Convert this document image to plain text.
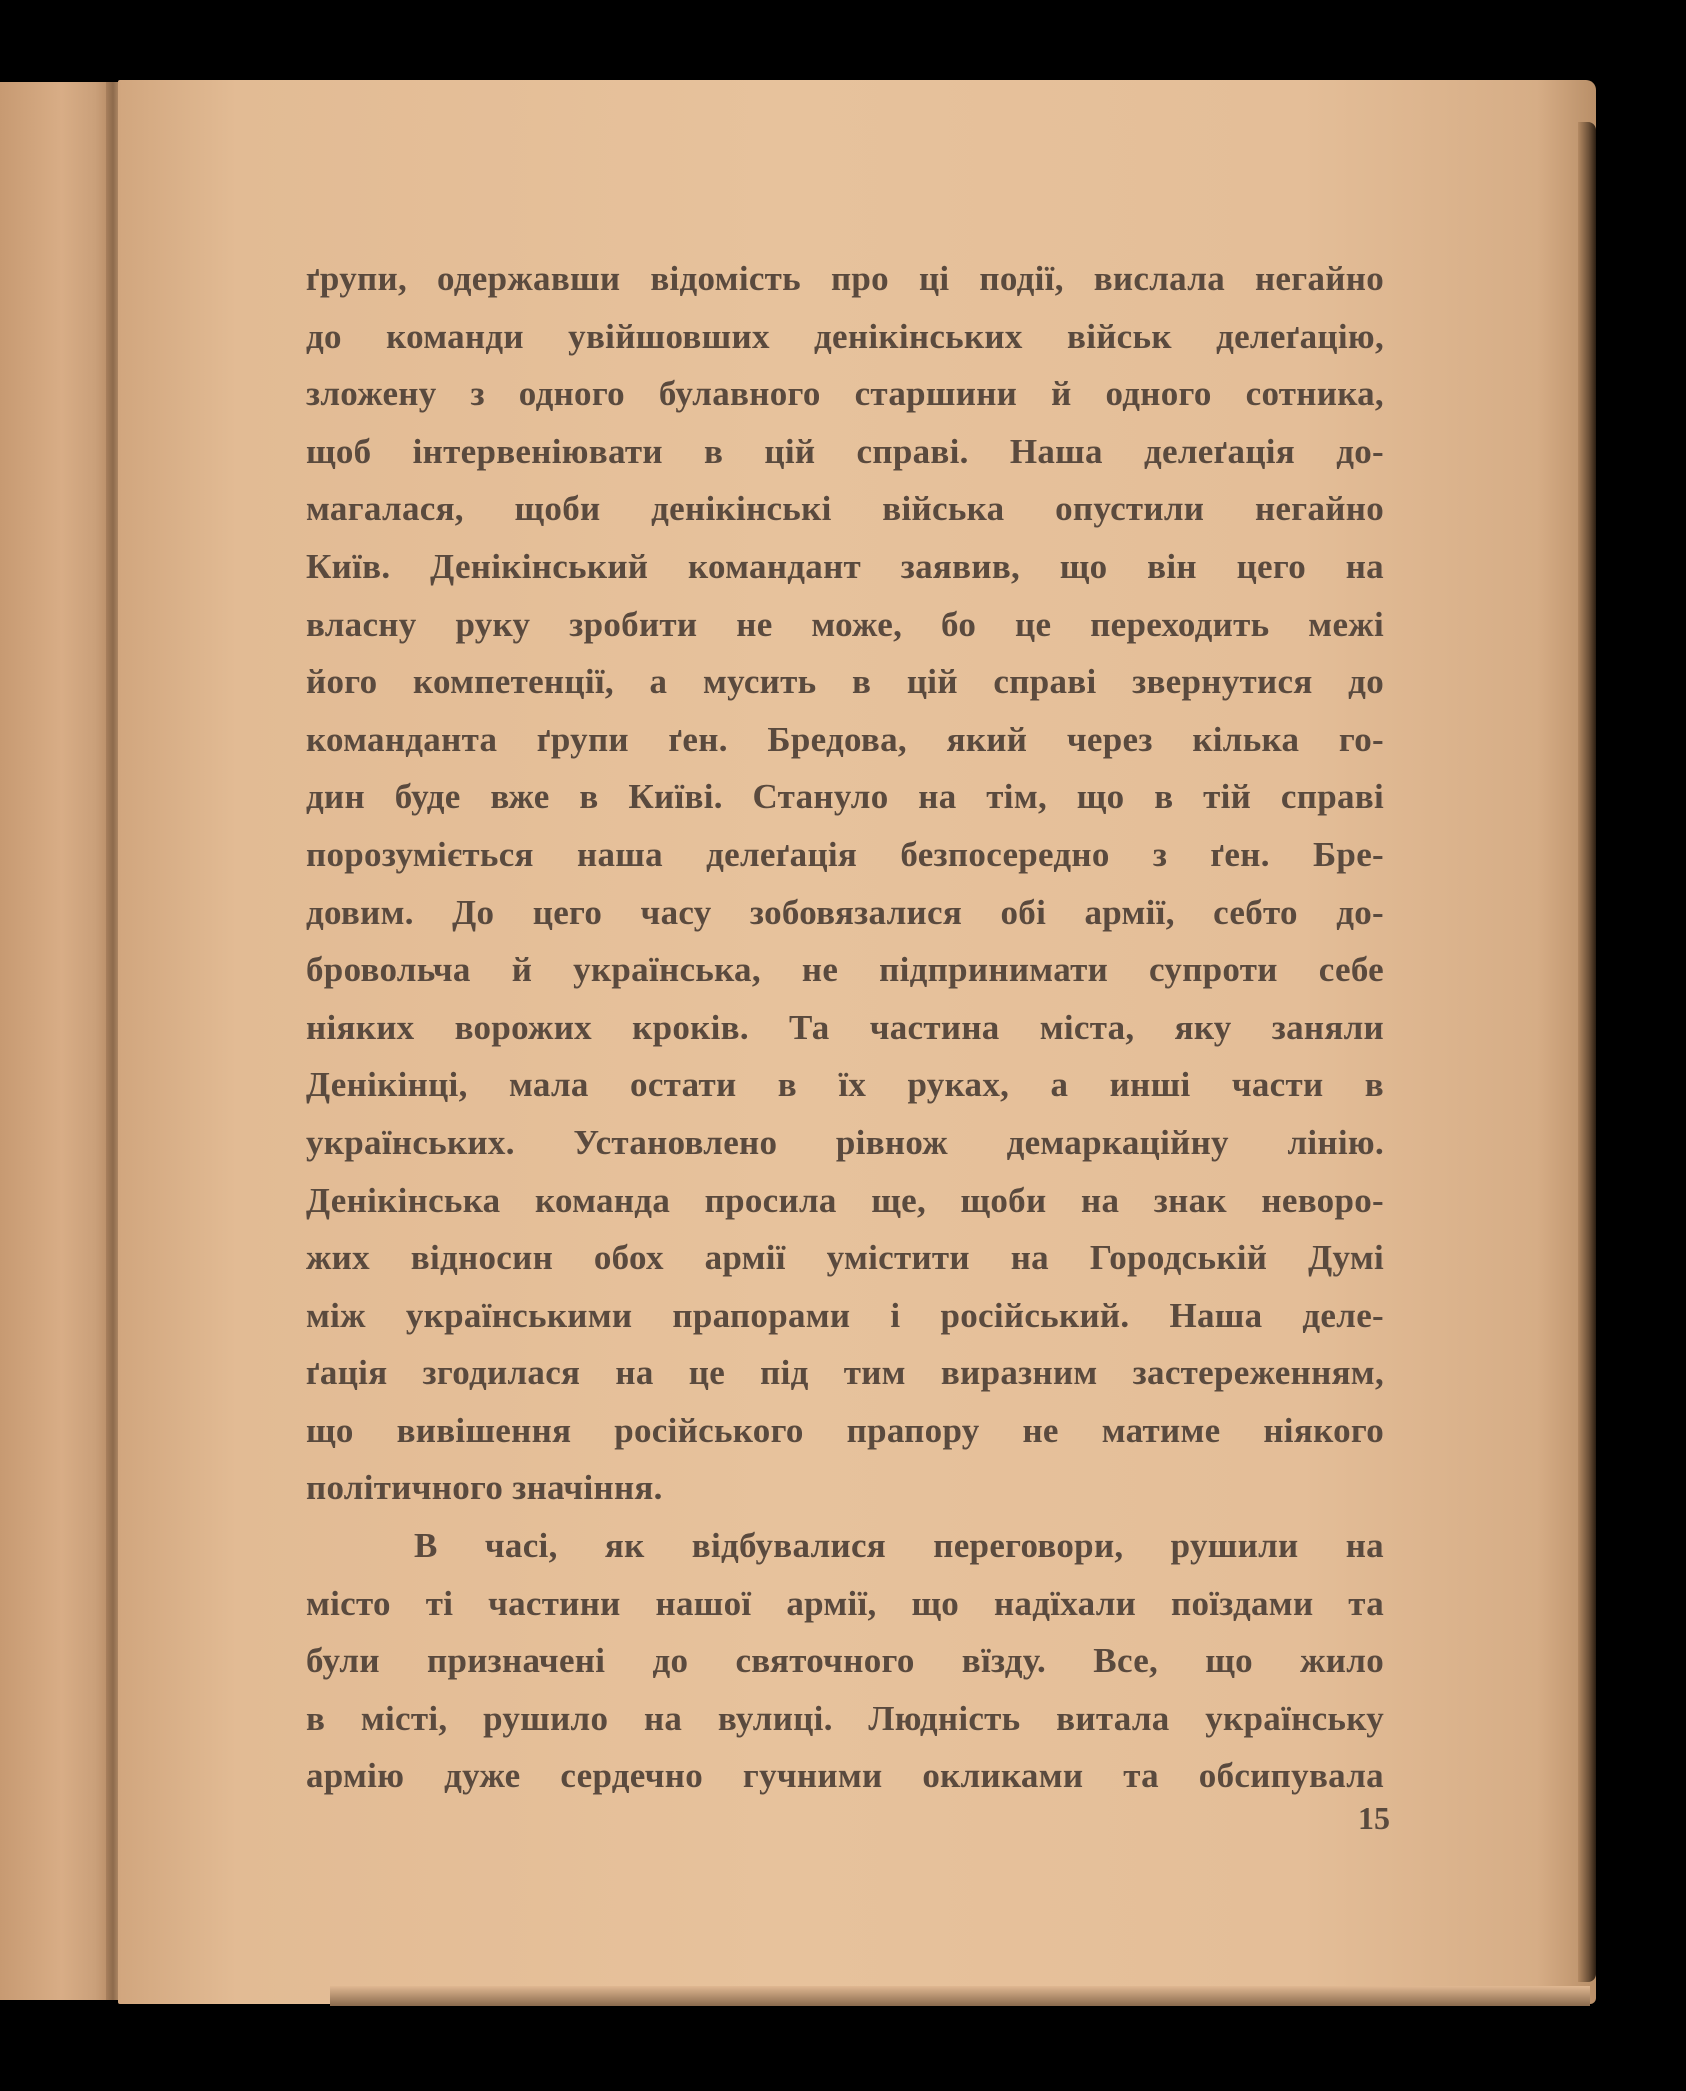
ґрупи, одержавши відомість про ці події, вислала негайно
до команди увійшовших денікінських військ делеґацію,
зложену з одного булавного старшини й одного сотника,
щоб інтервеніювати в цій справі. Наша делеґація до-
магалася, щоби денікінські війська опустили негайно
Київ. Денікінський командант заявив, що він цего на
власну руку зробити не може, бо це переходить межі
його компетенції, а мусить в цій справі звернутися до
команданта ґрупи ґен. Бредова, який через кілька го-
дин буде вже в Київі. Стануло на тім, що в тій справі
порозуміється наша делеґація безпосередно з ґен. Бре-
довим. До цего часу зобовязалися обі армії, себто до-
бровольча й українська, не підпринимати супроти себе
ніяких ворожих кроків. Та частина міста, яку заняли
Денікінці, мала остати в їх руках, а инші части в
українських. Установлено рівнож демаркаційну лінію.
Денікінська команда просила ще, щоби на знак неворо-
жих відносин обох армії умістити на Городській Думі
між українськими прапорами і російський. Наша деле-
ґація згодилася на це під тим виразним застереженням,
що вивішення російського прапору не матиме ніякого
політичного значіння.
В часі, як відбувалися переговори, рушили на
місто ті частини нашої армії, що надїхали поїздами та
були призначені до святочного вїзду. Все, що жило
в місті, рушило на вулиці. Людність витала українську
армію дуже сердечно гучними окликами та обсипувала
15
